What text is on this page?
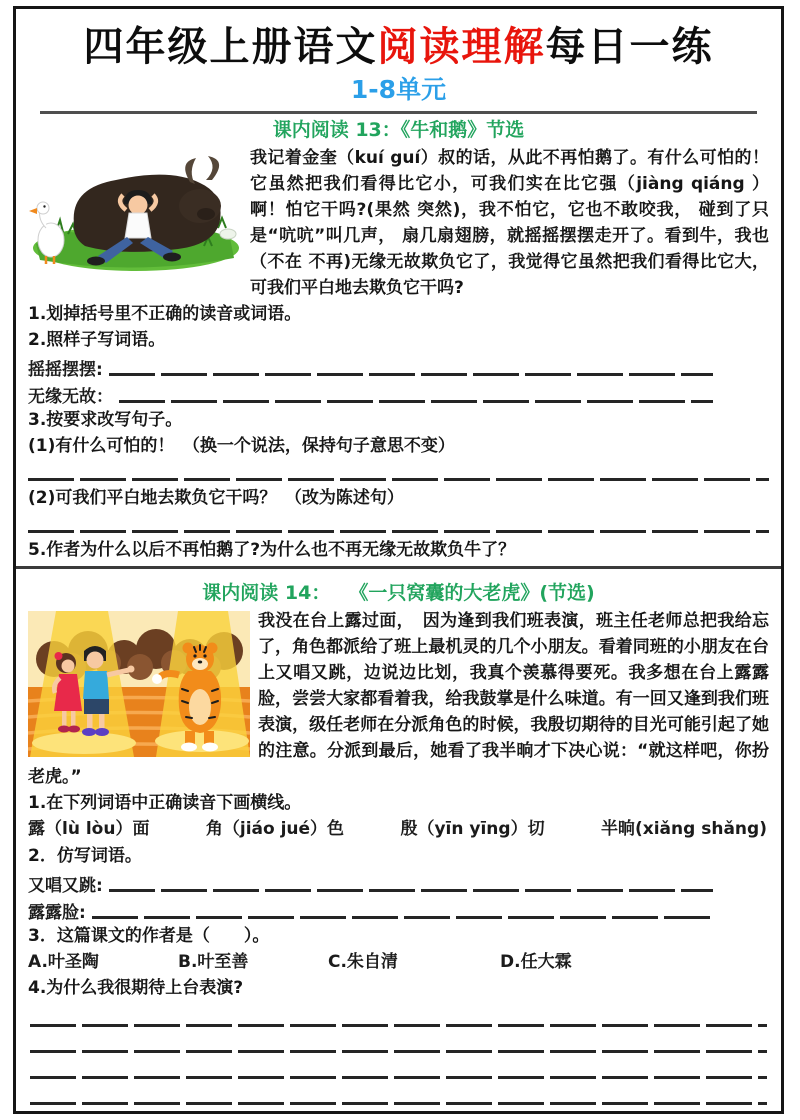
四年级上册语文阅读理解每日一练
1-8单元
课内阅读 13：《牛和鹅》节选
我记着金奎（kuí guí）叔的话，从此不再怕鹅了。有什么可怕的！它虽然把我们看得比它小，可我们实在比它强（jiàng qiáng ）啊！怕它干吗?(果然 突然)，我不怕它，它也不敢咬我， 碰到了只是“吭吭”叫几声， 扇几扇翅膀，就摇摇摆摆走开了。看到牛，我也（不在 不再)无缘无故欺负它了，我觉得它虽然把我们看得比它大，可我们平白地去欺负它干吗?

1.划掉括号里不正确的读音或词语。

2.照样子写词语。

摇摇摆摆:
无缘无故：

3.按要求改写句子。

(1)有什么可怕的！　（换一个说法，保持句子意思不变）

(2)可我们平白地去欺负它干吗？　（改为陈述句）

5.作者为什么以后不再怕鹅了?为什么也不再无缘无故欺负牛了？

课内阅读 14：　　《一只窝囊的大老虎》(节选)
我没在台上露过面，　因为逢到我们班表演，班主任老师总把我给忘了，角色都派给了班上最机灵的几个小朋友。看着同班的小朋友在台上又唱又跳，边说边比划，我真个羡慕得要死。我多想在台上露露脸，尝尝大家都看着我，给我鼓掌是什么味道。有一回又逢到我们班表演，级任老师在分派角色的时候，我殷切期待的目光可能引起了她的注意。分派到最后，她看了我半晌才下决心说：“就这样吧，你扮老虎。”

1.在下列词语中正确读音下画横线。

露（lù lòu）面	角（jiáo jué）色	殷（yīn yīng）切	半晌(xiǎng shǎng)

2．仿写词语。

又唱又跳:
露露脸:

3．这篇课文的作者是（　　）。

A.叶圣陶	B.叶至善	C.朱自清	D.任大霖

4.为什么我很期待上台表演?
